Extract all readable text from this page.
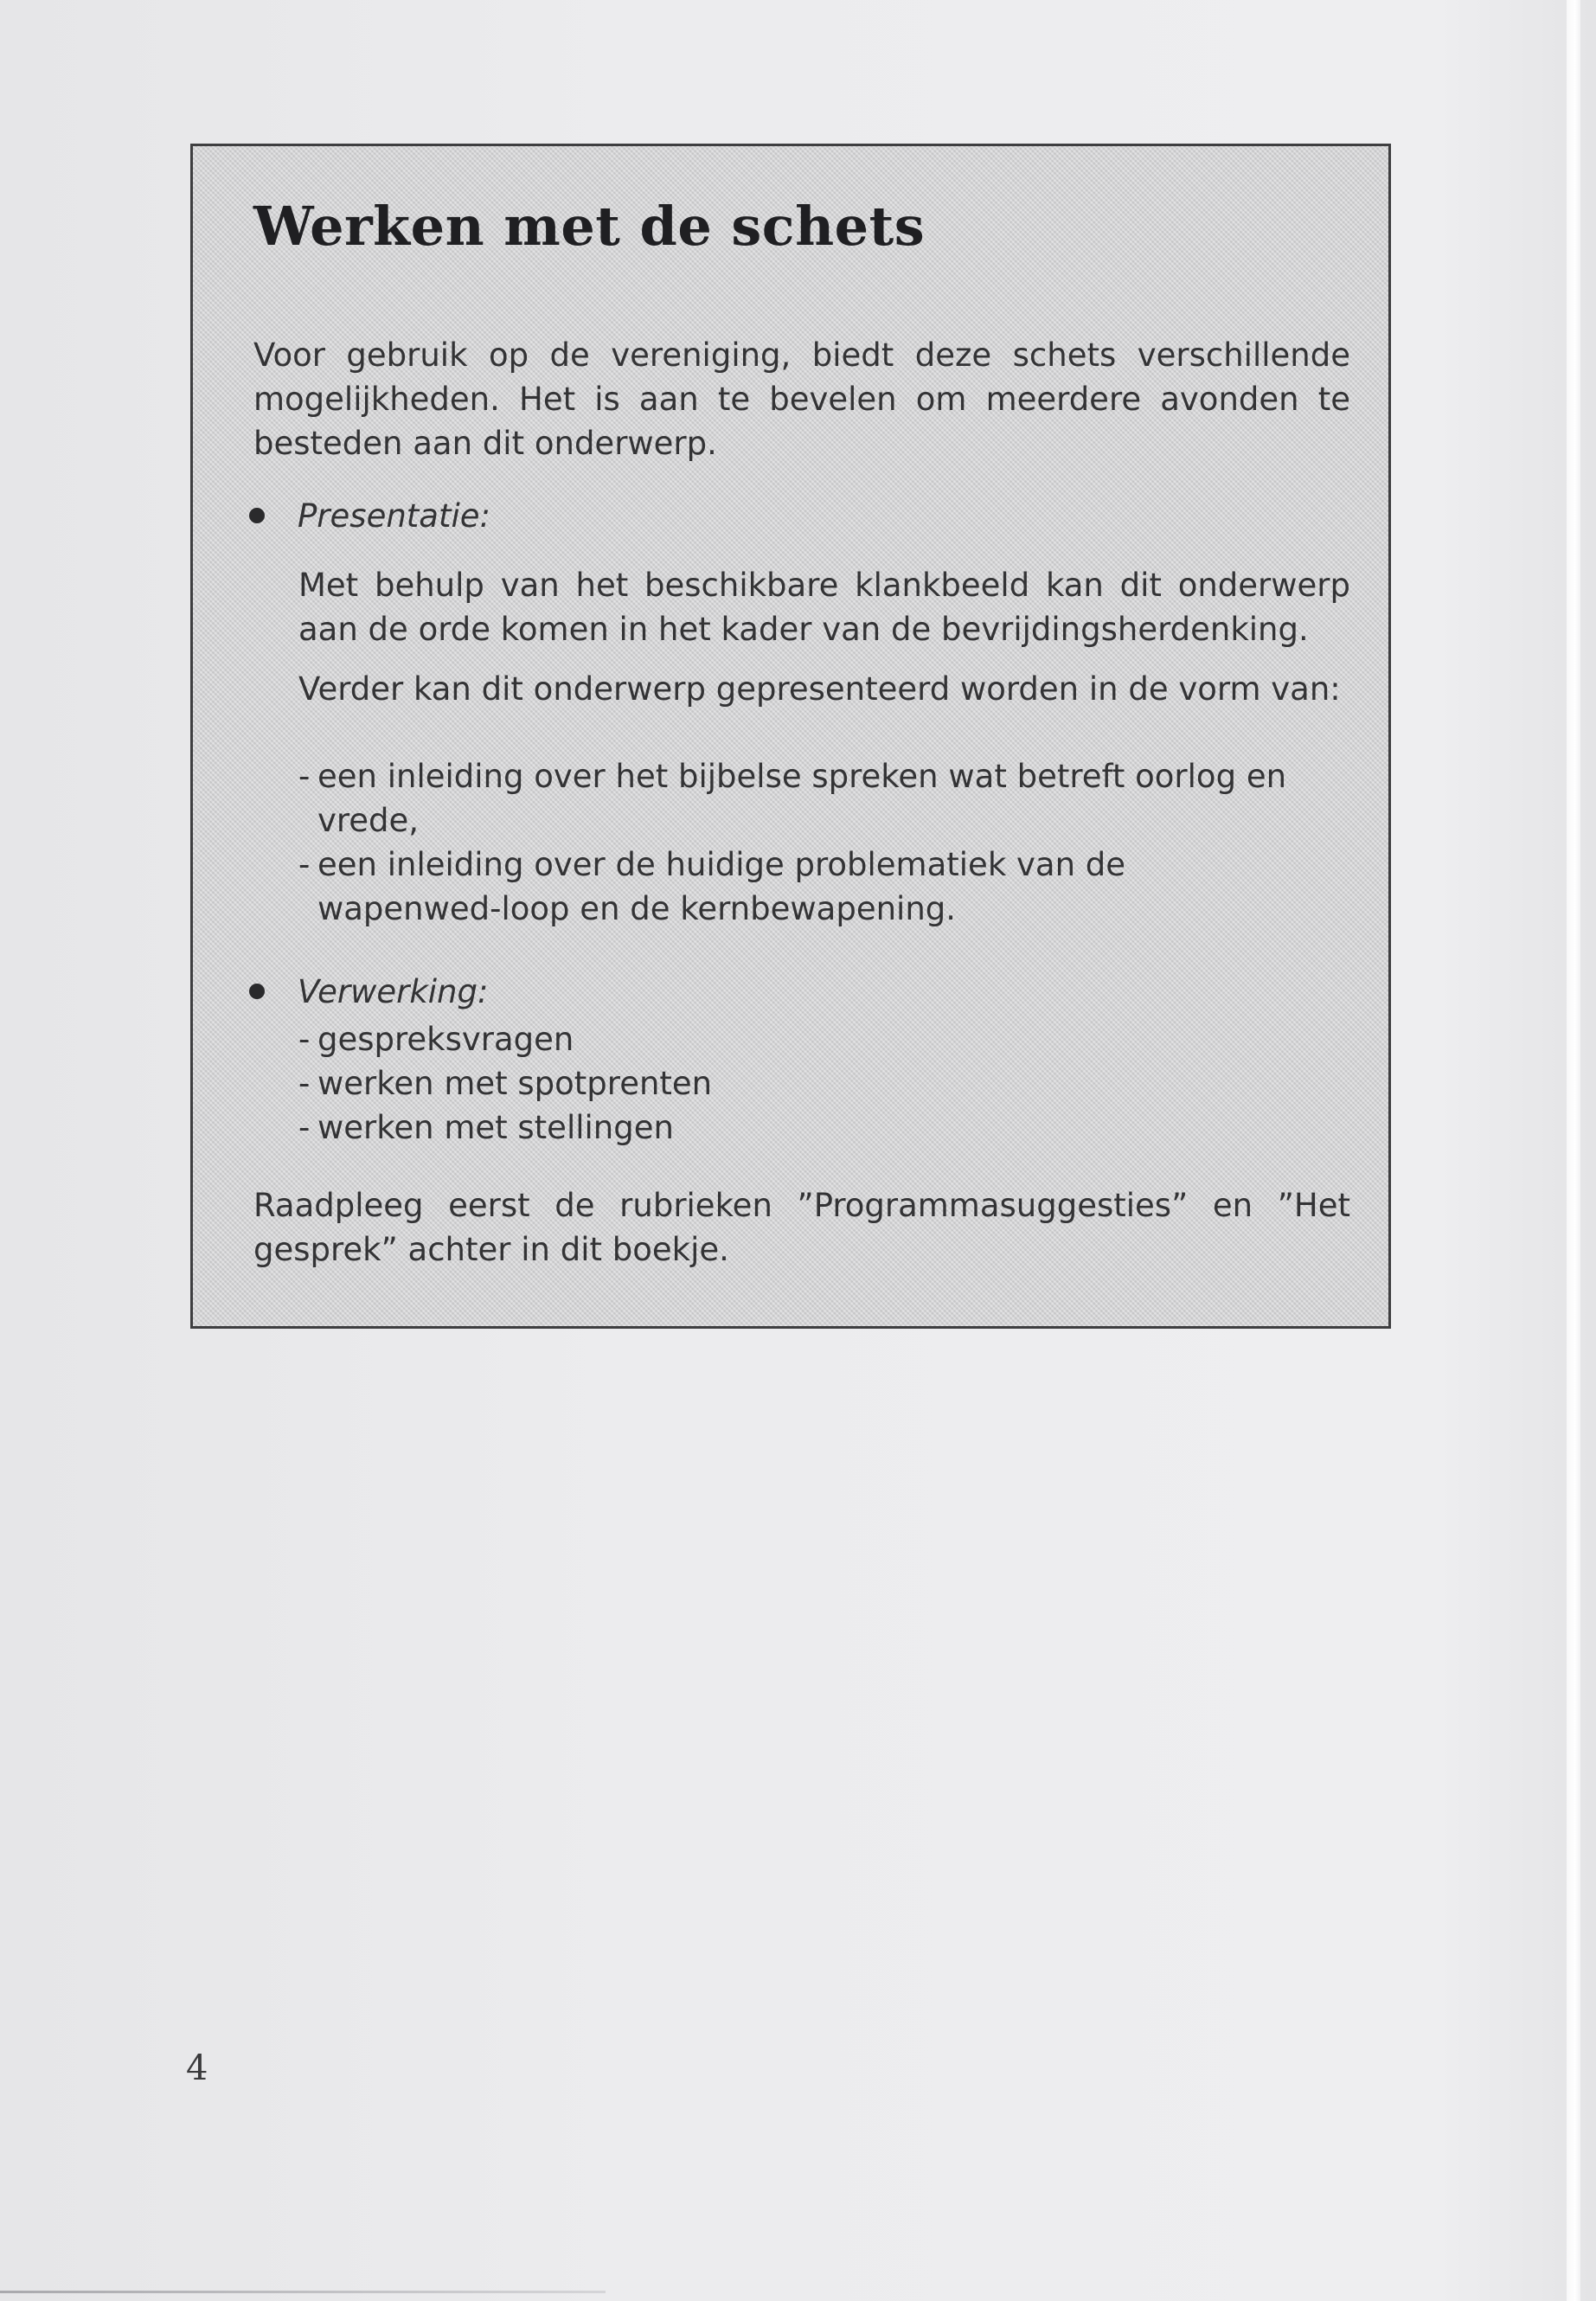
Werken met de schets

Voor gebruik op de vereniging, biedt deze schets verschillende mogelijkheden. Het is aan te bevelen om meerdere avonden te besteden aan dit onderwerp.

Presentatie:

Met behulp van het beschikbare klankbeeld kan dit onderwerp aan de orde komen in het kader van de bevrijdingsherdenking.

Verder kan dit onderwerp gepresenteerd worden in de vorm van:

- een inleiding over het bijbelse spreken wat betreft oorlog en vrede,
- een inleiding over de huidige problematiek van de wapenwed-loop en de kernbewapening.
Verwerking:
- gespreksvragen
- werken met spotprenten
- werken met stellingen

Raadpleeg eerst de rubrieken ”Programmasuggesties” en ”Het gesprek” achter in dit boekje.

4
